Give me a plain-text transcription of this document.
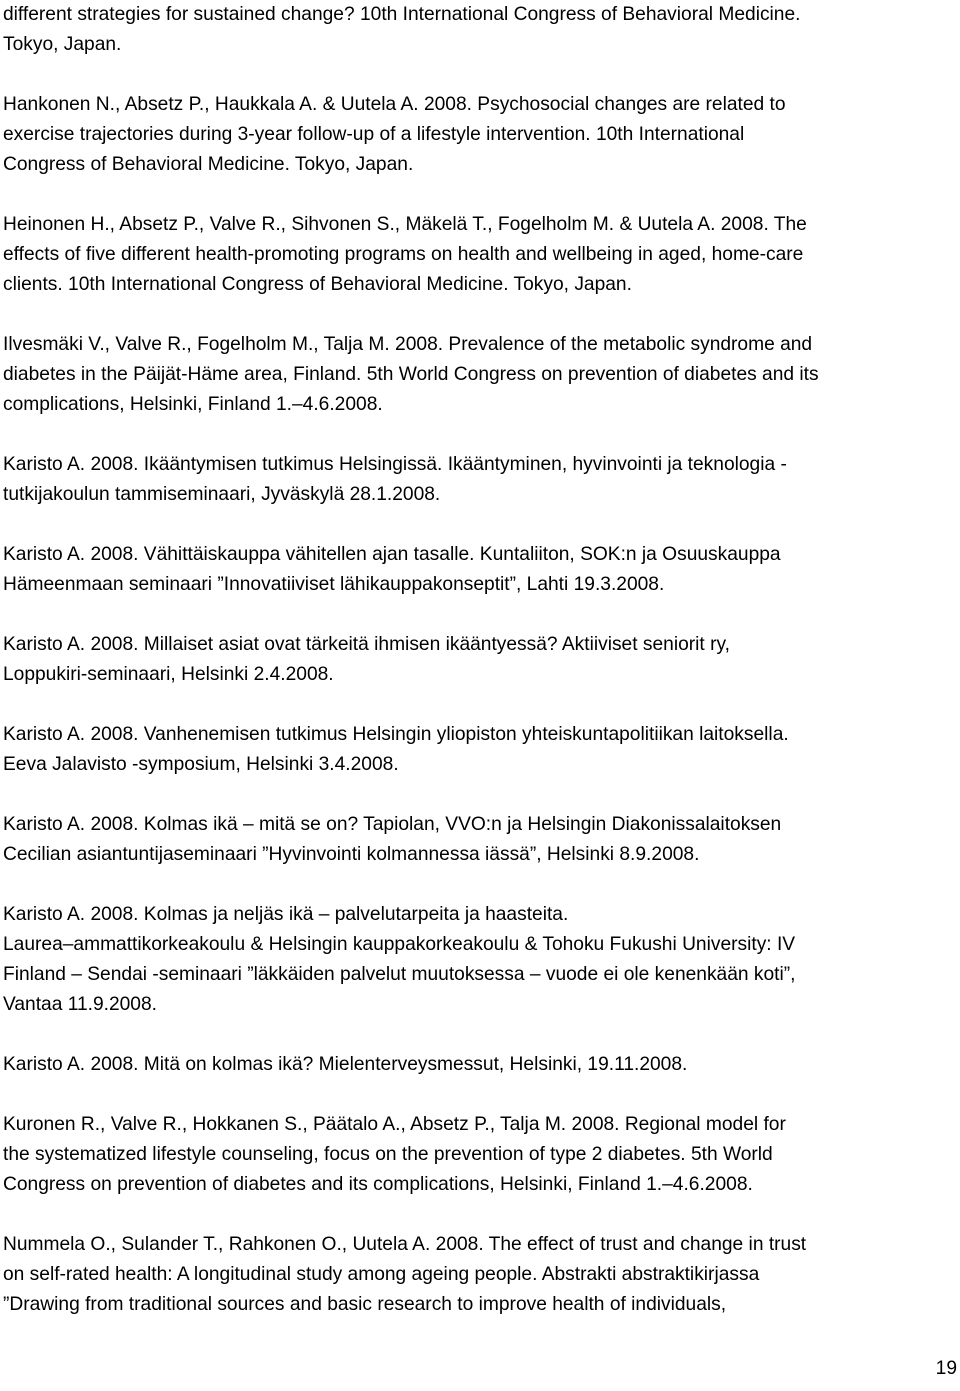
different strategies for sustained change? 10th International Congress of Behavioral Medicine.
Tokyo, Japan.

Hankonen N., Absetz P., Haukkala A. & Uutela A. 2008. Psychosocial changes are related to
exercise trajectories during 3-year follow-up of a lifestyle intervention. 10th International
Congress of Behavioral Medicine. Tokyo, Japan.

Heinonen H., Absetz P., Valve R., Sihvonen S., Mäkelä T., Fogelholm M. & Uutela A. 2008. The
effects of five different health-promoting programs on health and wellbeing in aged, home-care
clients. 10th International Congress of Behavioral Medicine. Tokyo, Japan.

Ilvesmäki V., Valve R., Fogelholm M., Talja M. 2008. Prevalence of the metabolic syndrome and
diabetes in the Päijät-Häme area, Finland. 5th World Congress on prevention of diabetes and its
complications, Helsinki, Finland 1.–4.6.2008.

Karisto A. 2008. Ikääntymisen tutkimus Helsingissä. Ikääntyminen, hyvinvointi ja teknologia -
tutkijakoulun tammiseminaari, Jyväskylä 28.1.2008.

Karisto A. 2008. Vähittäiskauppa vähitellen ajan tasalle. Kuntaliiton, SOK:n ja Osuuskauppa
Hämeenmaan seminaari ”Innovatiiviset lähikauppakonseptit”, Lahti 19.3.2008.

Karisto A. 2008. Millaiset asiat ovat tärkeitä ihmisen ikääntyessä? Aktiiviset seniorit ry,
Loppukiri-seminaari, Helsinki 2.4.2008.

Karisto A. 2008. Vanhenemisen tutkimus Helsingin yliopiston yhteiskuntapolitiikan laitoksella.
Eeva Jalavisto -symposium, Helsinki 3.4.2008.

Karisto A. 2008. Kolmas ikä – mitä se on? Tapiolan, VVO:n ja Helsingin Diakonissalaitoksen
Cecilian asiantuntijaseminaari ”Hyvinvointi kolmannessa iässä”, Helsinki 8.9.2008.

Karisto A. 2008. Kolmas ja neljäs ikä – palvelutarpeita ja haasteita.
Laurea–ammattikorkeakoulu & Helsingin kauppakorkeakoulu & Tohoku Fukushi University: IV
Finland – Sendai -seminaari ”läkkäiden palvelut muutoksessa – vuode ei ole kenenkään koti”,
Vantaa 11.9.2008.

Karisto A. 2008. Mitä on kolmas ikä? Mielenterveysmessut, Helsinki, 19.11.2008.

Kuronen R., Valve R., Hokkanen S., Päätalo A., Absetz P., Talja M. 2008. Regional model for
the systematized lifestyle counseling, focus on the prevention of type 2 diabetes. 5th World
Congress on prevention of diabetes and its complications, Helsinki, Finland 1.–4.6.2008.

Nummela O., Sulander T., Rahkonen O., Uutela A. 2008. The effect of trust and change in trust
on self-rated health: A longitudinal study among ageing people. Abstrakti abstraktikirjassa
”Drawing from traditional sources and basic research to improve health of individuals,

19
